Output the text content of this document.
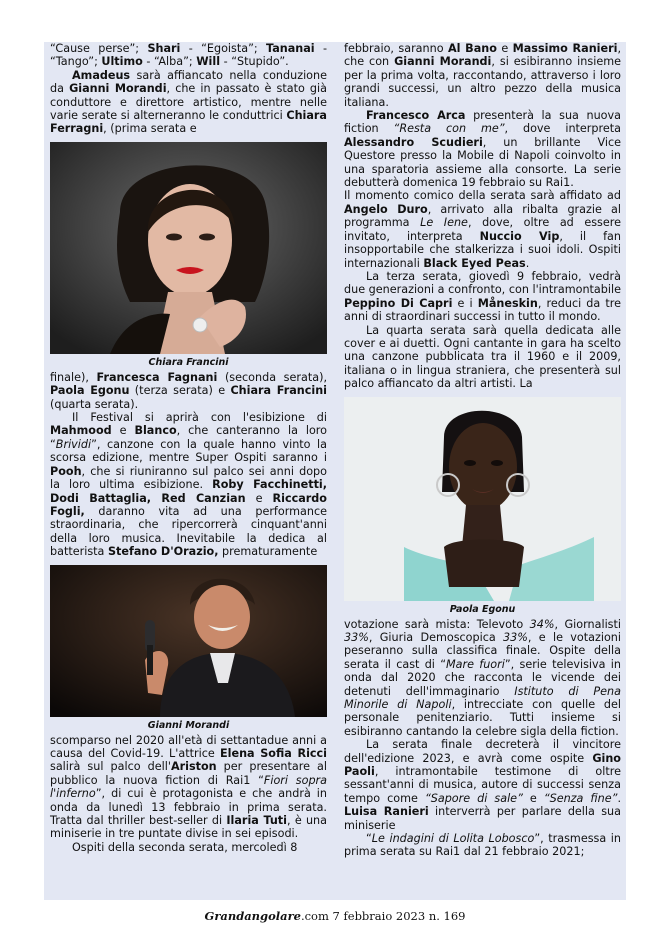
“Cause perse”; Shari - “Egoista”; Tananai - “Tango”; Ultimo - “Alba”; Will - “Stupido”.

Amadeus sarà affiancato nella conduzione da Gianni Morandi, che in passato è stato già conduttore e direttore artistico, mentre nelle varie serate si alterneranno le conduttrici Chiara Ferragni, (prima serata e

Chiara Francini

finale), Francesca Fagnani (seconda serata), Paola Egonu (terza serata) e Chiara Francini (quarta serata).

Il Festival si aprirà con l'esibizione di Mahmood e Blanco, che canteranno la loro “Brividi”, canzone con la quale hanno vinto la scorsa edizione, mentre Super Ospiti saranno i Pooh, che si riuniranno sul palco sei anni dopo la loro ultima esibizione. Roby Facchinetti, Dodi Battaglia, Red Canzian e Riccardo Fogli, daranno vita ad una performance straordinaria, che ripercorrerà cinquant'anni della loro musica. Inevitabile la dedica al batterista Stefano D'Orazio, prematuramente

Gianni Morandi

scomparso nel 2020 all'età di settantadue anni a causa del Covid-19. L'attrice Elena Sofia Ricci salirà sul palco dell'Ariston per presentare al pubblico la nuova fiction di Rai1 “Fiori sopra l'inferno”, di cui è protagonista e che andrà in onda da lunedì 13 febbraio in prima serata. Tratta dal thriller best-seller di Ilaria Tuti, è una miniserie in tre puntate divise in sei episodi.

Ospiti della seconda serata, mercoledì 8

febbraio, saranno Al Bano e Massimo Ranieri, che con Gianni Morandi, si esibiranno insieme per la prima volta, raccontando, attraverso i loro grandi successi, un altro pezzo della musica italiana.

Francesco Arca presenterà la sua nuova fiction “Resta con me”, dove interpreta Alessandro Scudieri, un brillante Vice Questore presso la Mobile di Napoli coinvolto in una sparatoria assieme alla consorte. La serie debutterà domenica 19 febbraio su Rai1.

Il momento comico della serata sarà affidato ad Angelo Duro, arrivato alla ribalta grazie al programma Le Iene, dove, oltre ad essere invitato, interpreta Nuccio Vip, il fan insopportabile che stalkerizza i suoi idoli. Ospiti internazionali Black Eyed Peas.

La terza serata, giovedì 9 febbraio, vedrà due generazioni a confronto, con l'intramontabile Peppino Di Capri e i Måneskin, reduci da tre anni di straordinari successi in tutto il mondo.

La quarta serata sarà quella dedicata alle cover e ai duetti. Ogni cantante in gara ha scelto una canzone pubblicata tra il 1960 e il 2009, italiana o in lingua straniera, che presenterà sul palco affiancato da altri artisti. La

Paola Egonu

votazione sarà mista: Televoto 34%, Giornalisti 33%, Giuria Demoscopica 33%, e le votazioni peseranno sulla classifica finale. Ospite della serata il cast di “Mare fuori”, serie televisiva in onda dal 2020 che racconta le vicende dei detenuti dell'immaginario Istituto di Pena Minorile di Napoli, intrecciate con quelle del personale penitenziario. Tutti insieme si esibiranno cantando la celebre sigla della fiction.

La serata finale decreterà il vincitore dell'edizione 2023, e avrà come ospite Gino Paoli, intramontabile testimone di oltre sessant'anni di musica, autore di successi senza tempo come “Sapore di sale” e “Senza fine”. Luisa Ranieri interverrà per parlare della sua miniserie

“Le indagini di Lolita Lobosco”, trasmessa in prima serata su Rai1 dal 21 febbraio 2021;

Grandangolare.com 7 febbraio 2023 n. 169
